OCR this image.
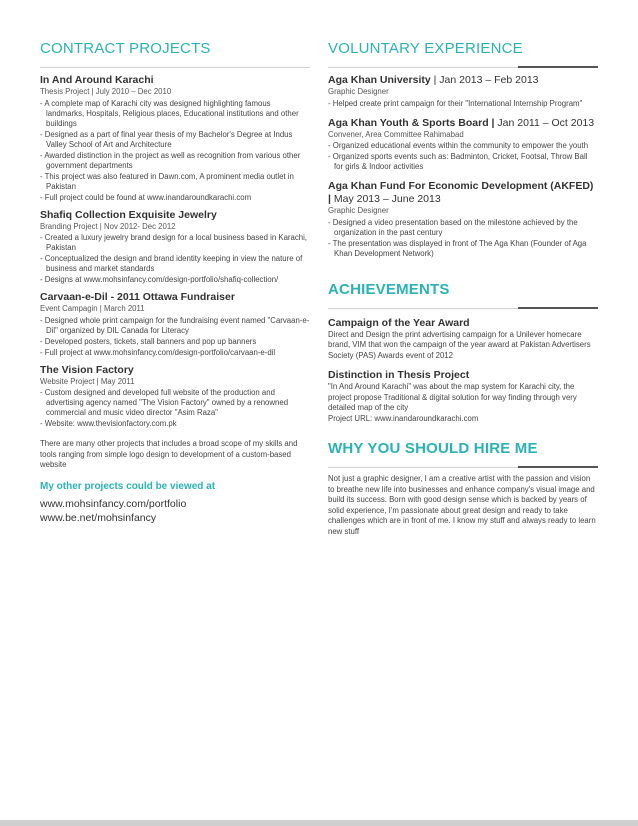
CONTRACT PROJECTS
In And Around Karachi
Thesis Project | July 2010 – Dec 2010
- A complete map of Karachi city was designed highlighting famous landmarks, Hospitals, Religious places, Educational institutions and other buildings
- Designed as a part of final year thesis of my Bachelor's Degree at Indus Valley School of Art and Architecture
- Awarded distinction in the project as well as recognition from various other government departments
- This project was also featured in Dawn.com, A prominent media outlet in Pakistan
- Full project could be found at www.inandaroundkarachi.com
Shafiq Collection Exquisite Jewelry
Branding Project | Nov 2012- Dec 2012
- Created a luxury jewelry brand design for a local business based in Karachi, Pakistan
- Conceptualized the design and brand identity keeping in view the nature of business and market standards
- Designs at www.mohsinfancy.com/design-portfolio/shafiq-collection/
Carvaan-e-Dil - 2011 Ottawa Fundraiser
Event Campagin | March 2011
- Designed whole print campaign for the fundraising event named "Carvaan-e-Dil" organized by DIL Canada for Literacy
- Developed posters, tickets, stall banners and pop up banners
- Full project at www.mohsinfancy.com/design-portfolio/carvaan-e-dil
The Vision Factory
Website Project | May 2011
- Custom designed and developed full website of the production and advertising agency named "The Vision Factory" owned by a renowned commercial and music video director "Asim Raza"
- Website: www.thevisionfactory.com.pk

There are many other projects that includes a broad scope of my skills and tools ranging from simple logo design to development of a custom-based website

My other projects could be viewed at
www.mohsinfancy.com/portfolio
www.be.net/mohsinfancy
VOLUNTARY EXPERIENCE
Aga Khan University | Jan 2013 – Feb 2013
Graphic Designer
- Helped create print campaign for their "International Internship Program"
Aga Khan Youth & Sports Board | Jan 2011 – Oct 2013
Convener, Area Committee Rahimabad
- Organized educational events within the community to empower the youth
- Organized sports events such as: Badminton, Cricket, Footsal, Throw Ball for girls & Indoor activities
Aga Khan Fund For Economic Development (AKFED) | May 2013 – June 2013
Graphic Designer
- Designed a video presentation based on the milestone achieved by the organization in the past century
- The presentation was displayed in front of The Aga Khan (Founder of Aga Khan Development Network)
ACHIEVEMENTS
Campaign of the Year Award

Direct and Design the print advertising campaign for a Unilever homecare brand, VIM that won the campaign of the year award at Pakistan Advertisers Society (PAS) Awards event of 2012

Distinction in Thesis Project

"In And Around Karachi" was about the map system for Karachi city, the project propose Traditional & digital solution for way finding through very detailed map of the city

Project URL: www.inandaroundkarachi.com

WHY YOU SHOULD HIRE ME

Not just a graphic designer, I am a creative artist with the passion and vision to breathe new life into businesses and enhance company's visual image and build its success. Born with good design sense which is backed by years of solid experience, I'm passionate about great design and ready to take challenges which are in front of me. I know my stuff and always ready to learn new stuff
